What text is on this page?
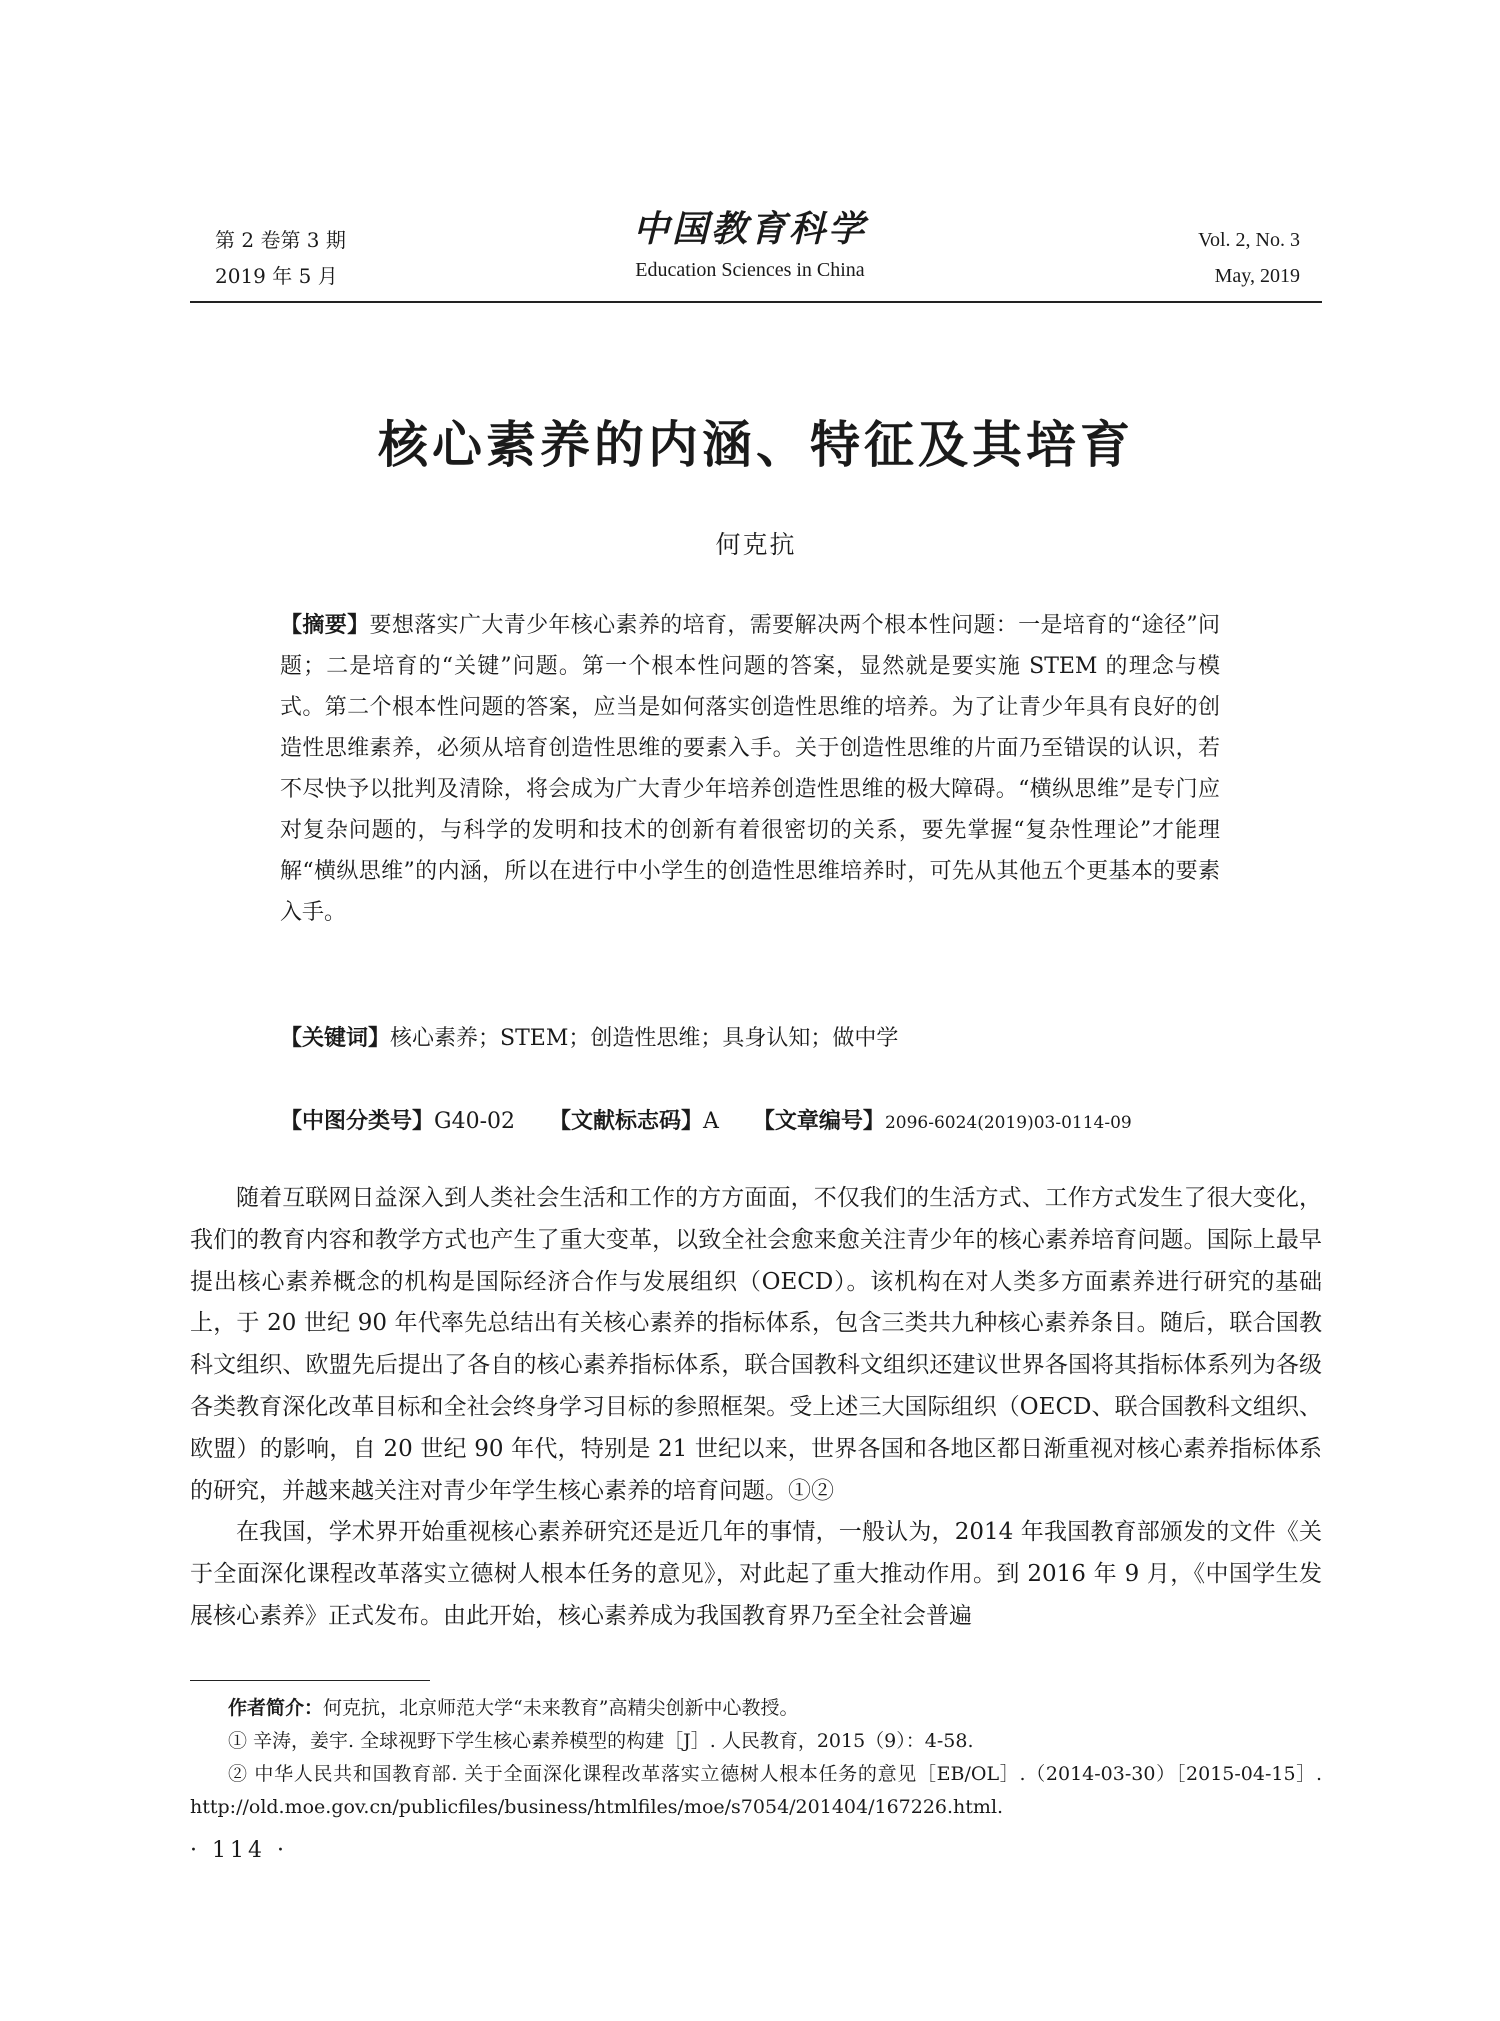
第 2 卷第 3 期
2019 年 5 月
中国教育科学
Education Sciences in China
Vol. 2, No. 3
May, 2019
核心素养的内涵、特征及其培育
何克抗
【摘要】要想落实广大青少年核心素养的培育，需要解决两个根本性问题：一是培育的“途径”问题；二是培育的“关键”问题。第一个根本性问题的答案，显然就是要实施 STEM 的理念与模式。第二个根本性问题的答案，应当是如何落实创造性思维的培养。为了让青少年具有良好的创造性思维素养，必须从培育创造性思维的要素入手。关于创造性思维的片面乃至错误的认识，若不尽快予以批判及清除，将会成为广大青少年培养创造性思维的极大障碍。“横纵思维”是专门应对复杂问题的，与科学的发明和技术的创新有着很密切的关系，要先掌握“复杂性理论”才能理解“横纵思维”的内涵，所以在进行中小学生的创造性思维培养时，可先从其他五个更基本的要素入手。
【关键词】核心素养；STEM；创造性思维；具身认知；做中学
【中图分类号】G40-02 【文献标志码】A 【文章编号】2096-6024(2019)03-0114-09

随着互联网日益深入到人类社会生活和工作的方方面面，不仅我们的生活方式、工作方式发生了很大变化，我们的教育内容和教学方式也产生了重大变革，以致全社会愈来愈关注青少年的核心素养培育问题。国际上最早提出核心素养概念的机构是国际经济合作与发展组织（OECD）。该机构在对人类多方面素养进行研究的基础上，于 20 世纪 90 年代率先总结出有关核心素养的指标体系，包含三类共九种核心素养条目。随后，联合国教科文组织、欧盟先后提出了各自的核心素养指标体系，联合国教科文组织还建议世界各国将其指标体系列为各级各类教育深化改革目标和全社会终身学习目标的参照框架。受上述三大国际组织（OECD、联合国教科文组织、欧盟）的影响，自 20 世纪 90 年代，特别是 21 世纪以来，世界各国和各地区都日渐重视对核心素养指标体系的研究，并越来越关注对青少年学生核心素养的培育问题。①②

在我国，学术界开始重视核心素养研究还是近几年的事情，一般认为，2014 年我国教育部颁发的文件《关于全面深化课程改革落实立德树人根本任务的意见》，对此起了重大推动作用。到 2016 年 9 月，《中国学生发展核心素养》正式发布。由此开始，核心素养成为我国教育界乃至全社会普遍

作者简介：何克抗，北京师范大学“未来教育”高精尖创新中心教授。

① 辛涛，姜宇. 全球视野下学生核心素养模型的构建［J］. 人民教育，2015（9）：4-58.

② 中华人民共和国教育部. 关于全面深化课程改革落实立德树人根本任务的意见［EB/OL］.（2014-03-30）［2015-04-15］. http://old.moe.gov.cn/publicfiles/business/htmlfiles/moe/s7054/201404/167226.html.

· 114 ·
